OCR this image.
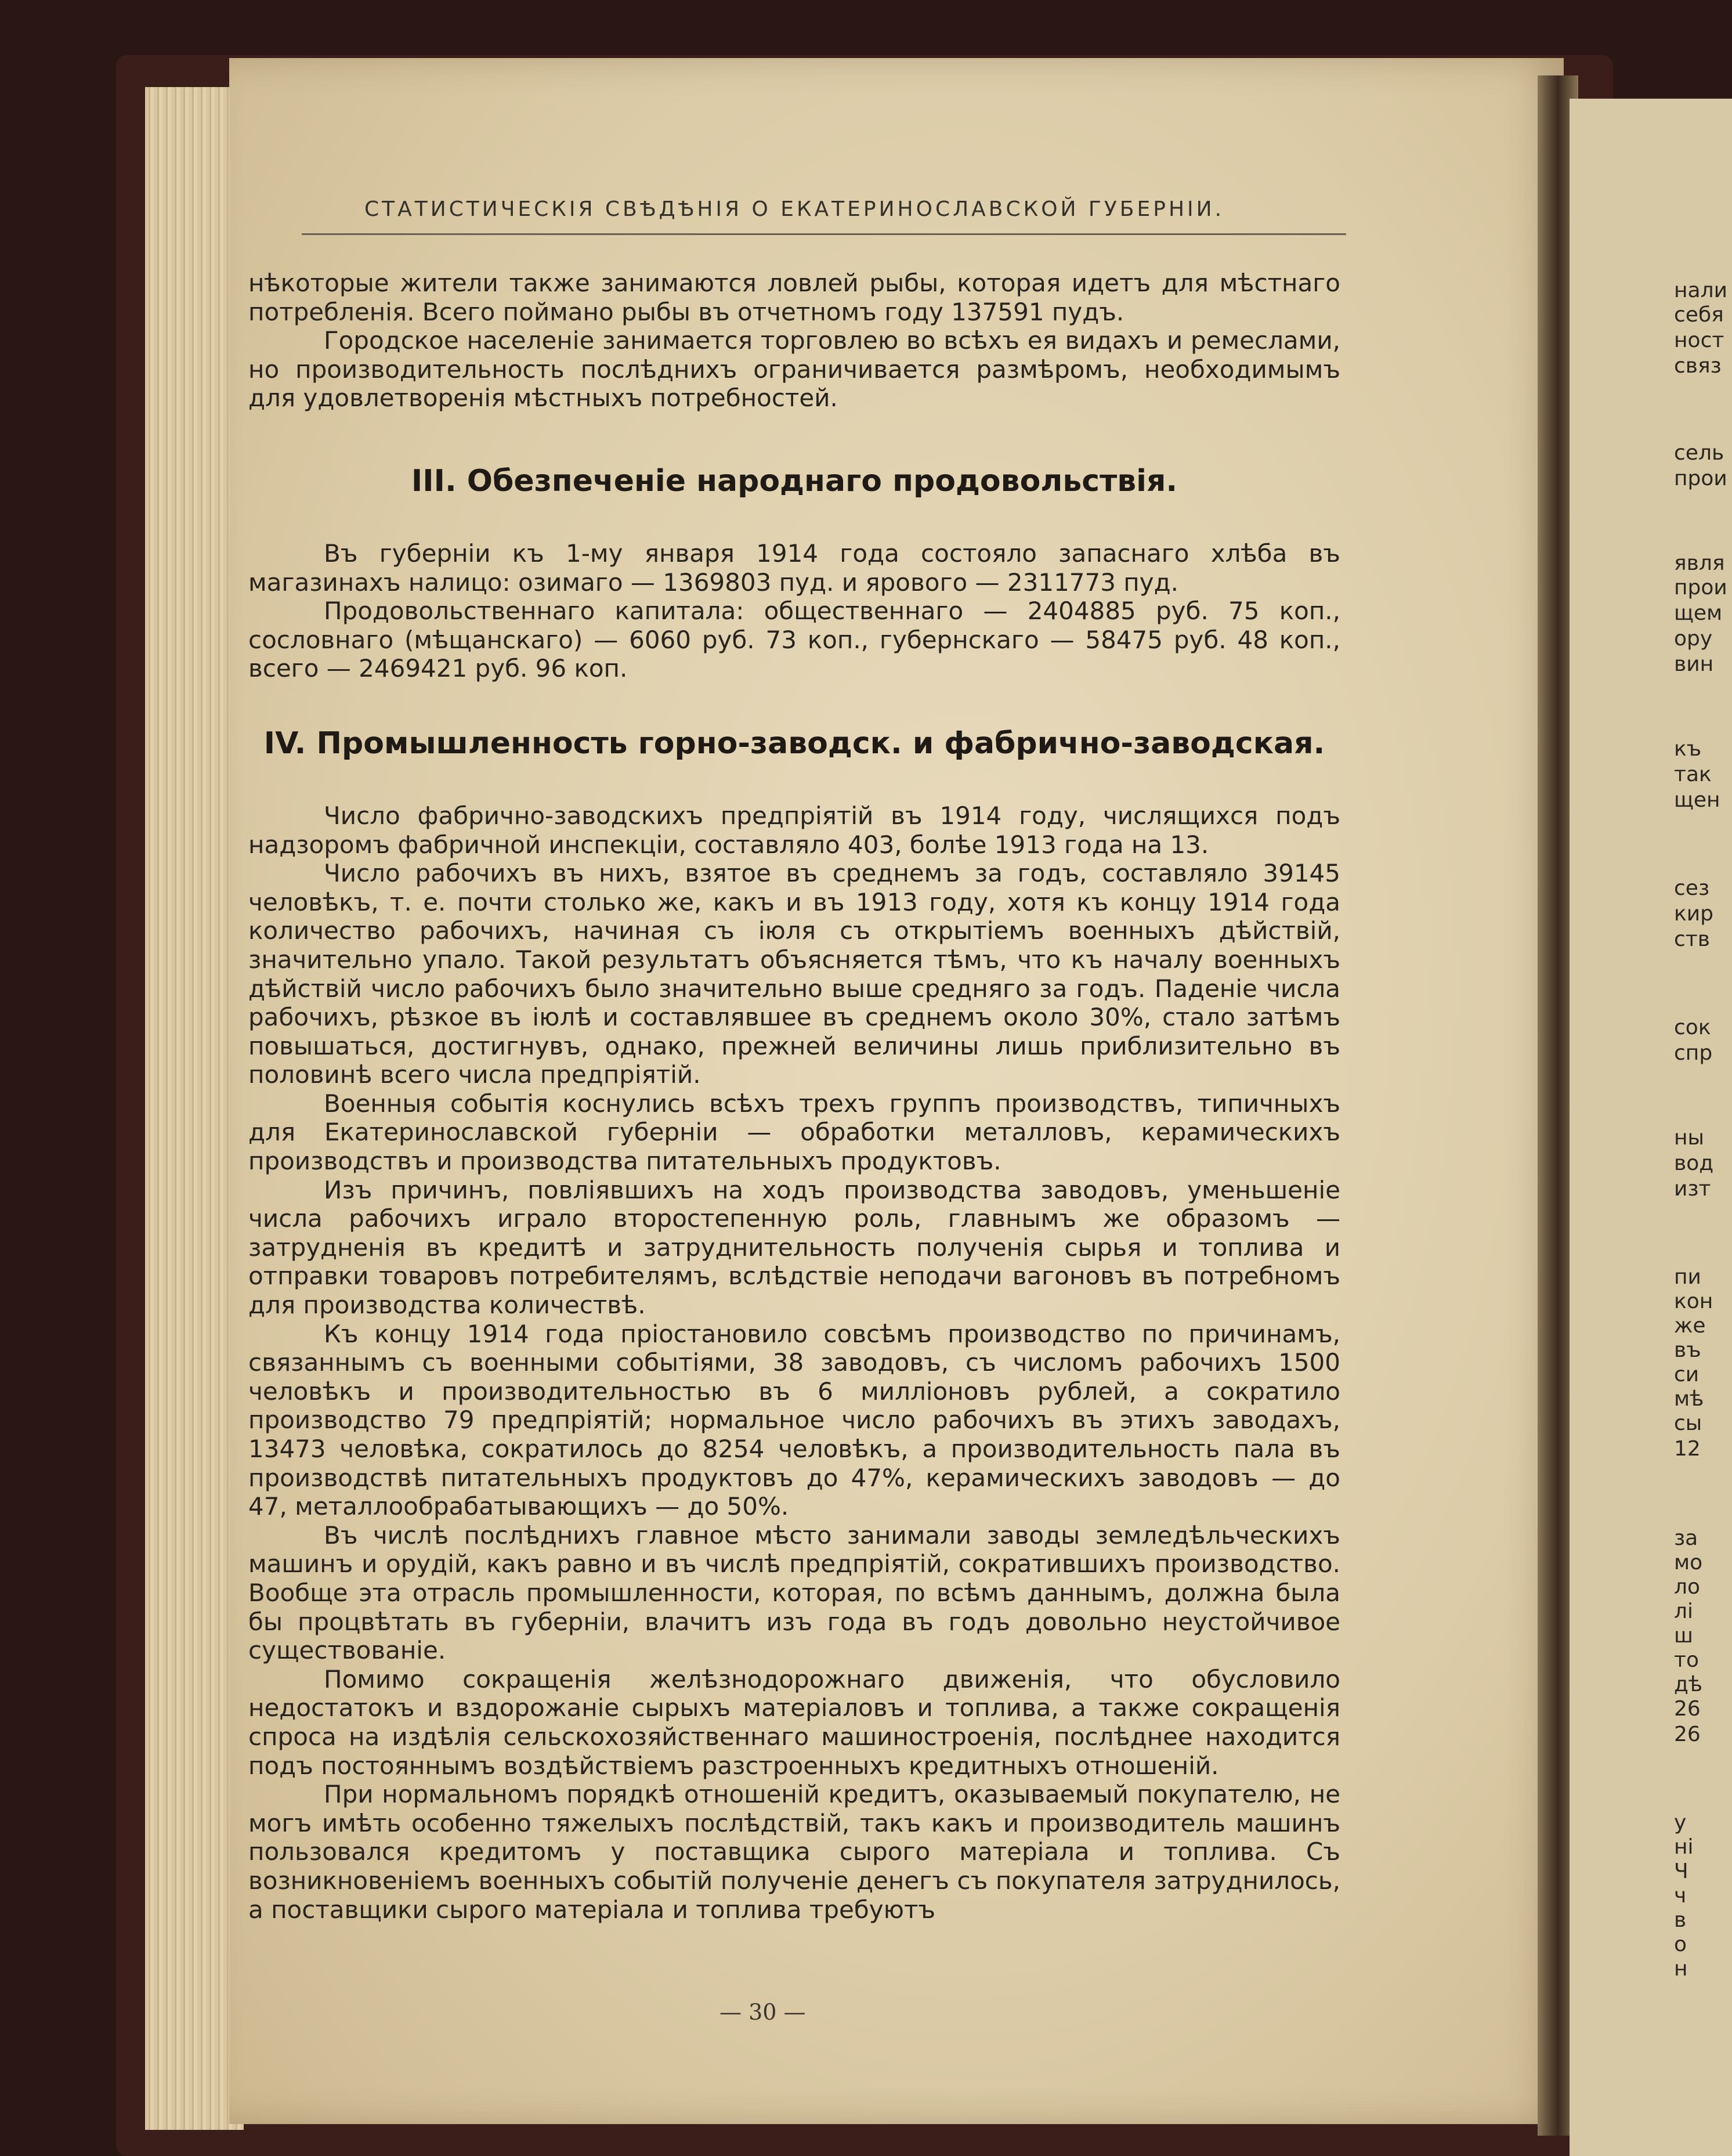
нали
себя
ност
связ
сель
прои
явля
прои
щем
ору
вин
къ
так
щен
сез
кир
ств
сок
спр
ны
вод
изт
пи
кон
же
въ
си
мѣ
сы
12
за
мо
ло
лі
ш
то
дѣ
26
26
у
ні
Ч
ч
в
о
н
СТАТИСТИЧЕСКІЯ СВѢДѢНІЯ О ЕКАТЕРИНОСЛАВСКОЙ ГУБЕРНІИ.

нѣкоторые жители также занимаются ловлей рыбы, которая идетъ для мѣстнаго потребленія. Всего поймано рыбы въ отчетномъ году 137591 пудъ.

Городское населеніе занимается торговлею во всѣхъ ея видахъ и ремеслами, но производительность послѣднихъ ограничивается размѣромъ, необходимымъ для удовлетворенія мѣстныхъ потребностей.

III. Обезпеченіе народнаго продовольствія.

Въ губерніи къ 1-му января 1914 года состояло запаснаго хлѣба въ магазинахъ налицо: озимаго — 1369803 пуд. и ярового — 2311773 пуд.

Продовольственнаго капитала: общественнаго — 2404885 руб. 75 коп., сословнаго (мѣщанскаго) — 6060 руб. 73 коп., губернскаго — 58475 руб. 48 коп., всего — 2469421 руб. 96 коп.

IV. Промышленность горно-заводск. и фабрично-заводская.

Число фабрично-заводскихъ предпріятій въ 1914 году, числящихся подъ надзоромъ фабричной инспекціи, составляло 403, болѣе 1913 года на 13.

Число рабочихъ въ нихъ, взятое въ среднемъ за годъ, составляло 39145 человѣкъ, т. е. почти столько же, какъ и въ 1913 году, хотя къ концу 1914 года количество рабочихъ, начиная съ іюля съ открытіемъ военныхъ дѣйствій, значительно упало. Такой результатъ объясняется тѣмъ, что къ началу военныхъ дѣйствій число рабочихъ было значительно выше средняго за годъ. Паденіе числа рабочихъ, рѣзкое въ іюлѣ и составлявшее въ среднемъ около 30%, стало затѣмъ повышаться, достигнувъ, однако, прежней величины лишь приблизительно въ половинѣ всего числа предпріятій.

Военныя событія коснулись всѣхъ трехъ группъ производствъ, типичныхъ для Екатеринославской губерніи — обработки металловъ, керамическихъ производствъ и производства питательныхъ продуктовъ.

Изъ причинъ, повліявшихъ на ходъ производства заводовъ, уменьшеніе числа рабочихъ играло второстепенную роль, главнымъ же образомъ — затрудненія въ кредитѣ и затруднительность полученія сырья и топлива и отправки товаровъ потребителямъ, вслѣдствіе неподачи вагоновъ въ потребномъ для производства количествѣ.

Къ концу 1914 года пріостановило совсѣмъ производство по причинамъ, связаннымъ съ военными событіями, 38 заводовъ, съ числомъ рабочихъ 1500 человѣкъ и производительностью въ 6 милліоновъ рублей, а сократило производство 79 предпріятій; нормальное число рабочихъ въ этихъ заводахъ, 13473 человѣка, сократилось до 8254 человѣкъ, а производительность пала въ производствѣ питательныхъ продуктовъ до 47%, керамическихъ заводовъ — до 47, металлообрабатывающихъ — до 50%.

Въ числѣ послѣднихъ главное мѣсто занимали заводы земледѣльческихъ машинъ и орудій, какъ равно и въ числѣ предпріятій, сократившихъ производство. Вообще эта отрасль промышленности, которая, по всѣмъ даннымъ, должна была бы процвѣтать въ губерніи, влачитъ изъ года въ годъ довольно неустойчивое существованіе.

Помимо сокращенія желѣзнодорожнаго движенія, что обусловило недостатокъ и вздорожаніе сырыхъ матеріаловъ и топлива, а также сокращенія спроса на издѣлія сельскохозяйственнаго машиностроенія, послѣднее находится подъ постояннымъ воздѣйствіемъ разстроенныхъ кредитныхъ отношеній.

При нормальномъ порядкѣ отношеній кредитъ, оказываемый покупателю, не могъ имѣть особенно тяжелыхъ послѣдствій, такъ какъ и производитель машинъ пользовался кредитомъ у поставщика сырого матеріала и топлива. Съ возникновеніемъ военныхъ событій полученіе денегъ съ покупателя затруднилось, а поставщики сырого матеріала и топлива требуютъ

— 30 —
